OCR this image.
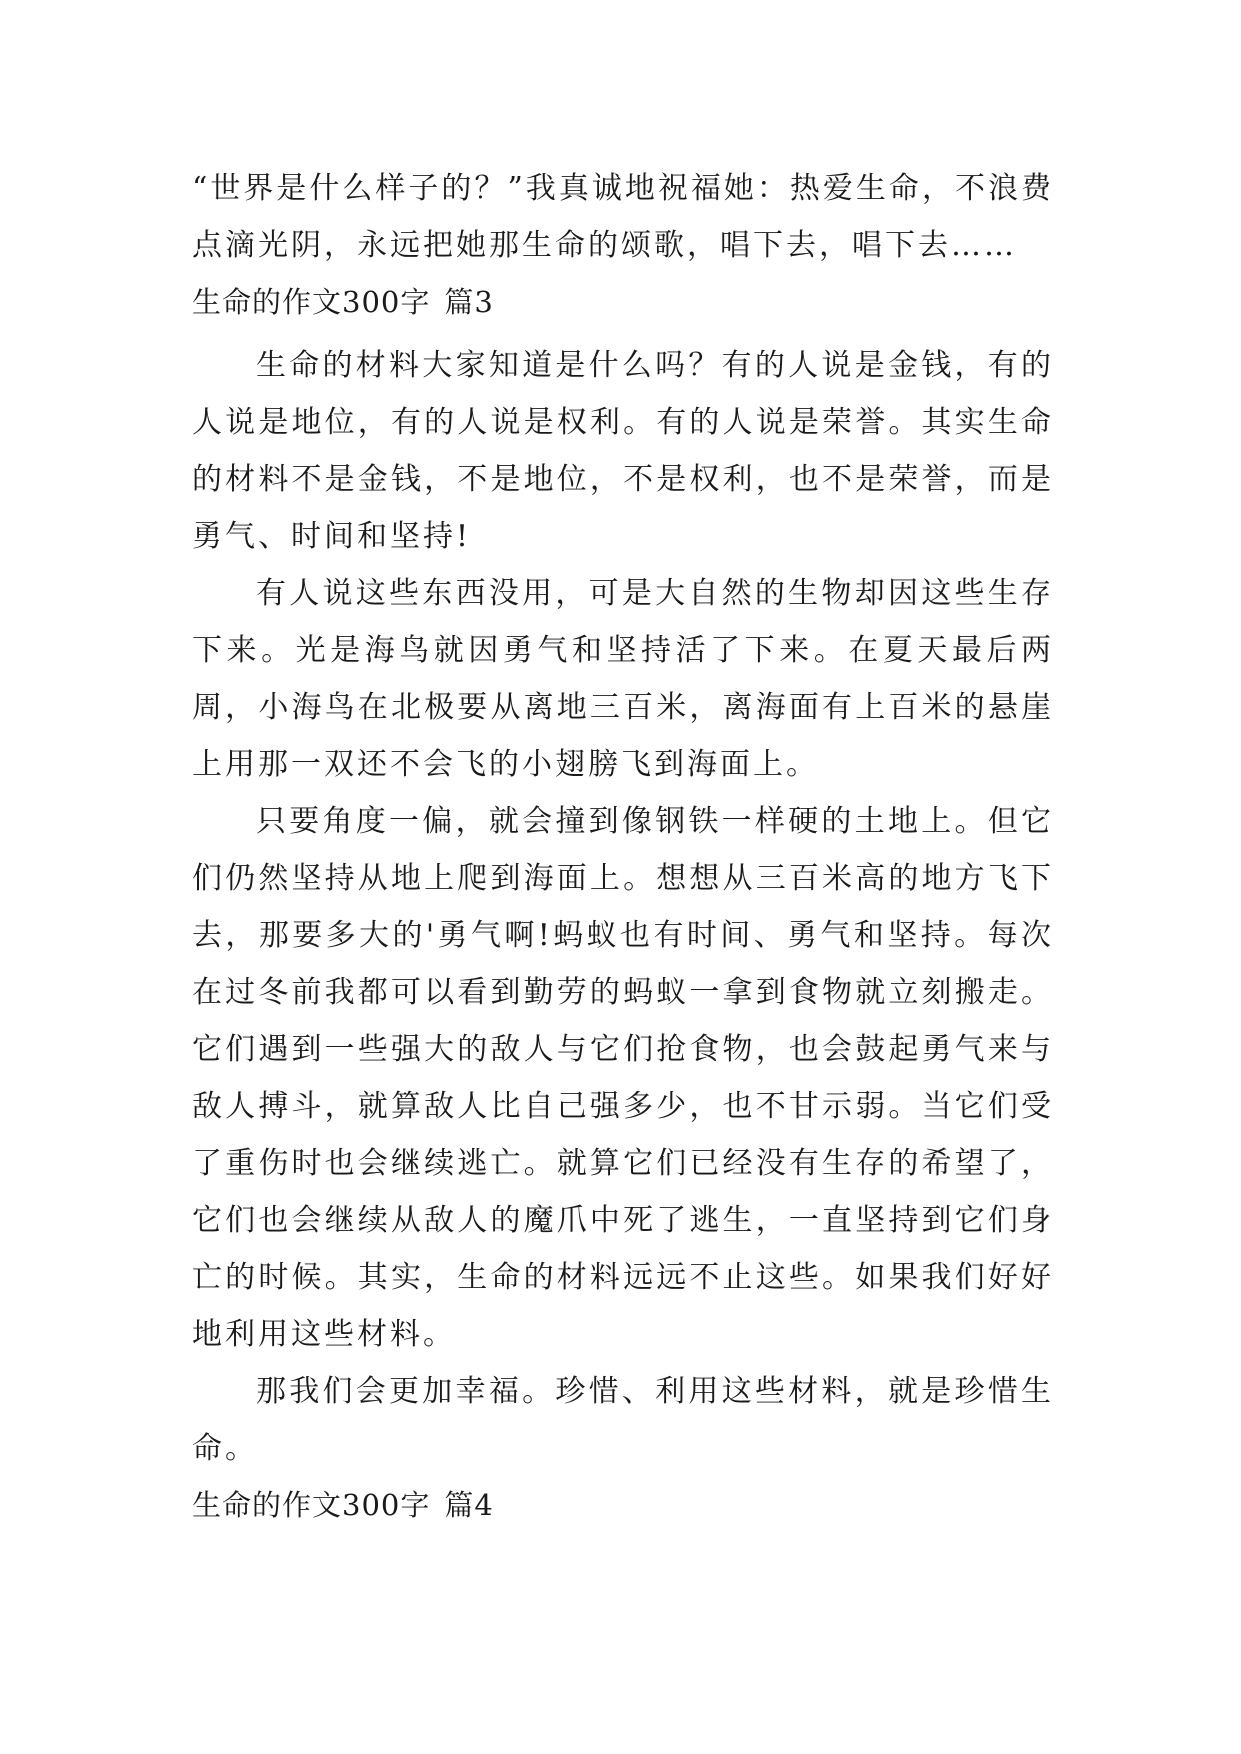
“世界是什么样子的？”我真诚地祝福她：热爱生命，不浪费点滴光阴，永远把她那生命的颂歌，唱下去，唱下去……

生命的作文300字 篇3

生命的材料大家知道是什么吗？有的人说是金钱，有的人说是地位，有的人说是权利。有的人说是荣誉。其实生命的材料不是金钱，不是地位，不是权利，也不是荣誉，而是勇气、时间和坚持!

有人说这些东西没用，可是大自然的生物却因这些生存下来。光是海鸟就因勇气和坚持活了下来。在夏天最后两周，小海鸟在北极要从离地三百米，离海面有上百米的悬崖上用那一双还不会飞的小翅膀飞到海面上。

只要角度一偏，就会撞到像钢铁一样硬的土地上。但它们仍然坚持从地上爬到海面上。想想从三百米高的地方飞下去，那要多大的'勇气啊!蚂蚁也有时间、勇气和坚持。每次在过冬前我都可以看到勤劳的蚂蚁一拿到食物就立刻搬走。它们遇到一些强大的敌人与它们抢食物，也会鼓起勇气来与敌人搏斗，就算敌人比自己强多少，也不甘示弱。当它们受了重伤时也会继续逃亡。就算它们已经没有生存的希望了，它们也会继续从敌人的魔爪中死了逃生，一直坚持到它们身亡的时候。其实，生命的材料远远不止这些。如果我们好好地利用这些材料。

那我们会更加幸福。珍惜、利用这些材料，就是珍惜生命。

生命的作文300字 篇4
